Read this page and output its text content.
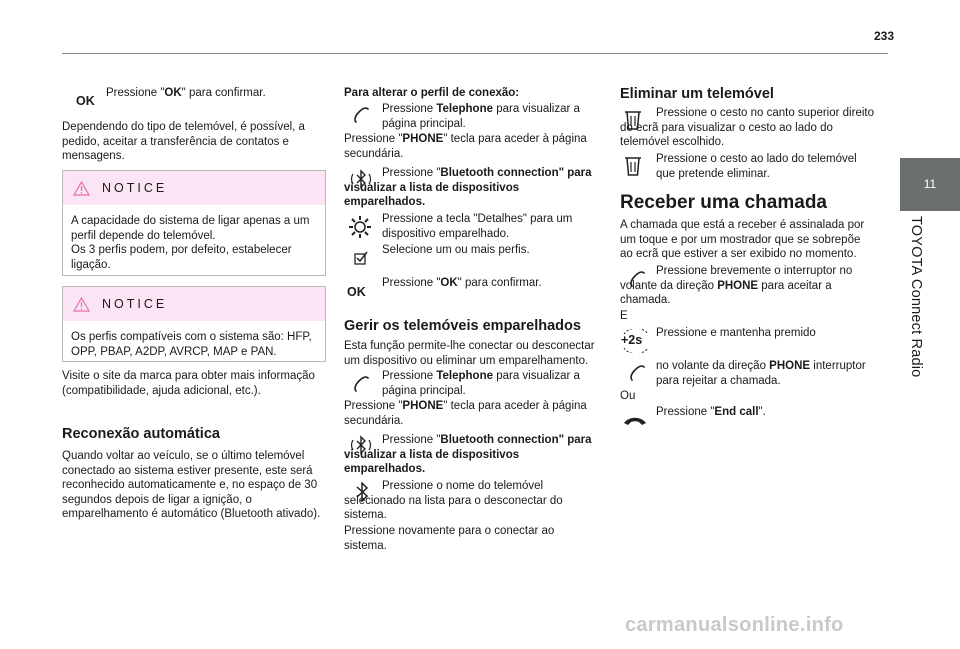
233
11
TOYOTA Connect Radio
OK
Pressione "OK" para confirmar.
Dependendo do tipo de telemóvel, é possível, a pedido, aceitar a transferência de contatos e mensagens.
NOTICE
A capacidade do sistema de ligar apenas a um perfil depende do telemóvel.
Os 3 perfis podem, por defeito, estabelecer ligação.
NOTICE
Os perfis compatíveis com o sistema são: HFP, OPP, PBAP, A2DP, AVRCP, MAP e PAN.
Visite o site da marca para obter mais informação (compatibilidade, ajuda adicional, etc.).
Reconexão automática
Quando voltar ao veículo, se o último telemóvel conectado ao sistema estiver presente, este será reconhecido automaticamente e, no espaço de 30 segundos depois de ligar a ignição, o emparelhamento é automático (Bluetooth ativado).
Para alterar o perfil de conexão:
Pressione Telephone para visualizar a página principal.
Pressione "PHONE" tecla para aceder à página secundária.
Pressione "Bluetooth connection" para visualizar a lista de dispositivos emparelhados.
Pressione a tecla "Detalhes" para um dispositivo emparelhado.
Selecione um ou mais perfis.
OK
Pressione "OK" para confirmar.
Gerir os telemóveis emparelhados
Esta função permite-lhe conectar ou desconectar um dispositivo ou eliminar um emparelhamento.
Pressione Telephone para visualizar a página principal.
Pressione "PHONE" tecla para aceder à página secundária.
Pressione "Bluetooth connection" para visualizar a lista de dispositivos emparelhados.
Pressione o nome do telemóvel selecionado na lista para o desconectar do sistema.
Pressione novamente para o conectar ao sistema.
Eliminar um telemóvel
Pressione o cesto no canto superior direito do ecrã para visualizar o cesto ao lado do telemóvel escolhido.
Pressione o cesto ao lado do telemóvel que pretende eliminar.
Receber uma chamada
A chamada que está a receber é assinalada por um toque e por um mostrador que se sobrepõe ao ecrã que estiver a ser exibido no momento.
Pressione brevemente o interruptor no volante da direção PHONE para aceitar a chamada.
E
+2s Pressione e mantenha premido
no volante da direção PHONE interruptor para rejeitar a chamada.
Ou
Pressione "End call".
carmanualsonline.info
